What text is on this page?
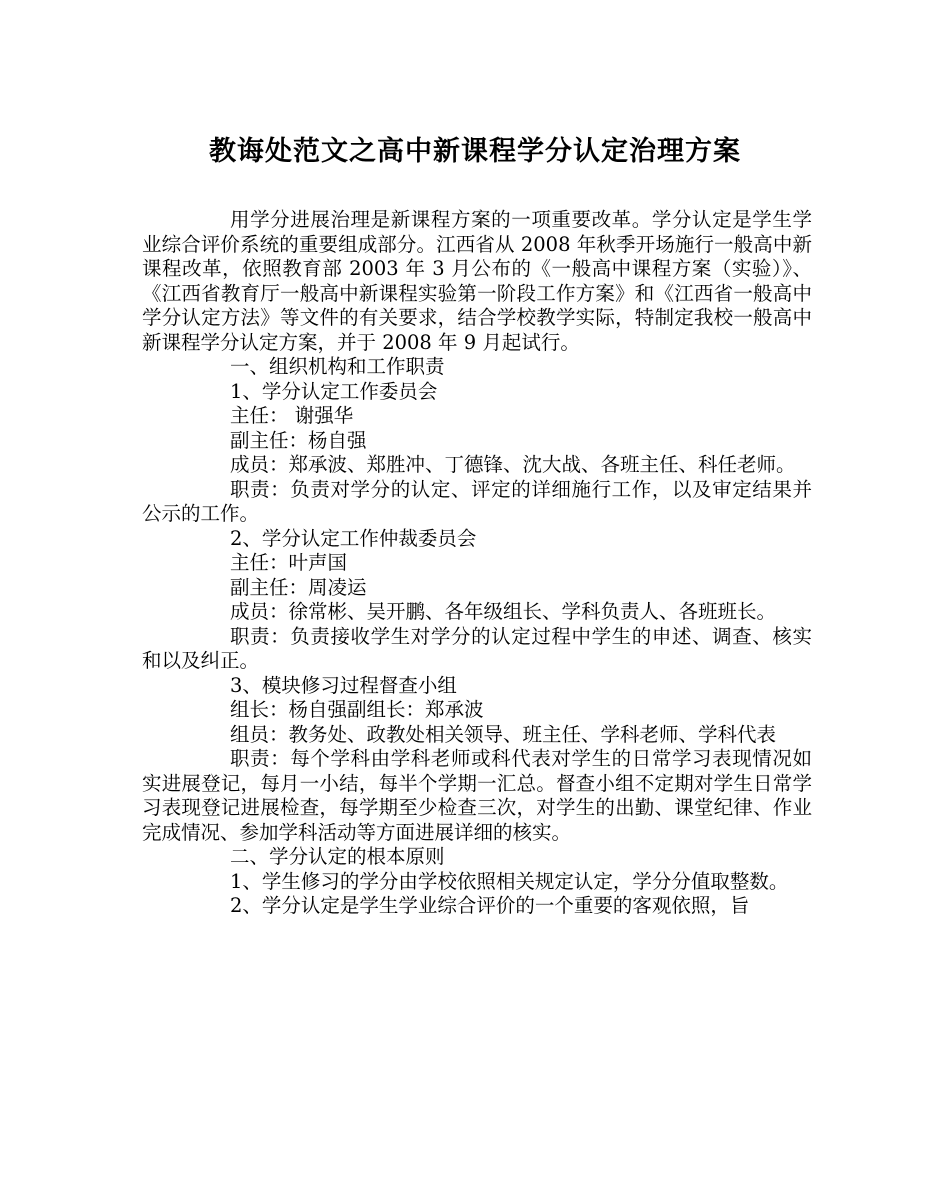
教诲处范文之高中新课程学分认定治理方案

用学分进展治理是新课程方案的一项重要改革。学分认定是学生学业综合评价系统的重要组成部分。江西省从 2008 年秋季开场施行一般高中新课程改革，依照教育部 2003 年 3 月公布的《一般高中课程方案（实验）》、《江西省教育厅一般高中新课程实验第一阶段工作方案》和《江西省一般高中学分认定方法》等文件的有关要求，结合学校教学实际，特制定我校一般高中新课程学分认定方案，并于 2008 年 9 月起试行。

一、组织机构和工作职责

1、学分认定工作委员会

主任： 谢强华

副主任：杨自强

成员：郑承波、郑胜冲、丁德锋、沈大战、各班主任、科任老师。

职责：负责对学分的认定、评定的详细施行工作，以及审定结果并公示的工作。

2、学分认定工作仲裁委员会

主任：叶声国

副主任：周凌运

成员：徐常彬、吴开鹏、各年级组长、学科负责人、各班班长。

职责：负责接收学生对学分的认定过程中学生的申述、调查、核实和以及纠正。

3、模块修习过程督查小组

组长：杨自强副组长：郑承波

组员：教务处、政教处相关领导、班主任、学科老师、学科代表

职责：每个学科由学科老师或科代表对学生的日常学习表现情况如实进展登记，每月一小结，每半个学期一汇总。督查小组不定期对学生日常学习表现登记进展检查，每学期至少检查三次，对学生的出勤、课堂纪律、作业完成情况、参加学科活动等方面进展详细的核实。

二、学分认定的根本原则

1、学生修习的学分由学校依照相关规定认定，学分分值取整数。

2、学分认定是学生学业综合评价的一个重要的客观依照，旨
